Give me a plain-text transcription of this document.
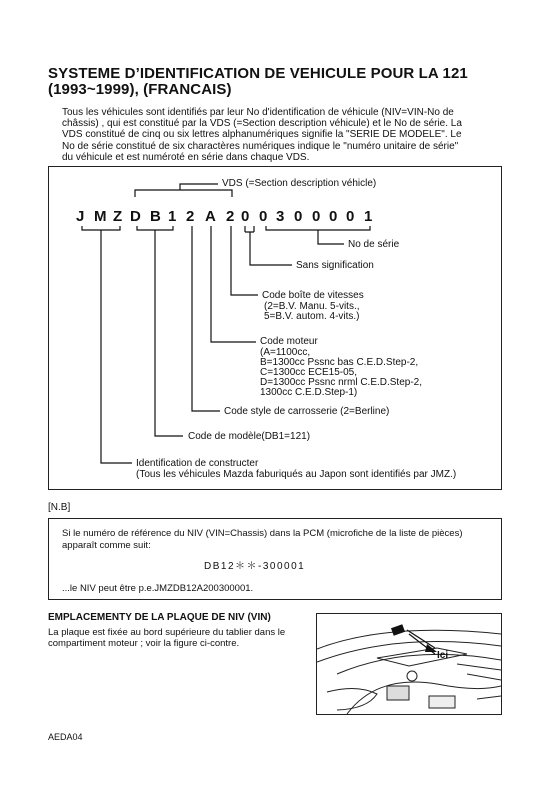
SYSTEME D’IDENTIFICATION DE VEHICULE POUR LA 121 (1993~1999), (FRANCAIS)

Tous les véhicules sont identifiés par leur No d'identification de véhicule (NIV=VIN-No de châssis) , qui est constitué par la VDS (=Section description véhicule) et le No de série. La VDS constitué de cinq ou six lettres alphanumériques signifie la "SERIE DE MODELE". Le No de série constitué de six charactères numériques indique le "numéro unitaire de série" du véhicule et est numéroté en série dans chaque VDS.

J M Z D B 1 2 A 2 0 0 3 0 0 0 0 1
VDS (=Section description véhicle)
No de série
Sans signification
Code boîte de vitesses
(2=B.V. Manu. 5-vits.,
5=B.V. autom. 4-vits.)
Code moteur
(A=1100cc,
B=1300cc Pssnc bas C.E.D.Step-2,
C=1300cc ECE15-05,
D=1300cc Pssnc nrml C.E.D.Step-2,
1300cc C.E.D.Step-1)
Code style de carrosserie (2=Berline)
Code de modèle(DB1=121)
Identification de constructer
(Tous les véhicules Mazda faburiqués au Japon sont identifiés par JMZ.)
[N.B]
Si le numéro de référence du NIV (VIN=Chassis) dans la PCM (microfiche de la liste de pièces) apparaît comme suit:
DB12＊＊-300001
...le NIV peut être p.e.JMZDB12A200300001.
EMPLACEMENTY DE LA PLAQUE DE NIV (VIN)

La plaque est fixée au bord supérieure du tablier dans le compartiment moteur ; voir la figure ci-contre.

Ici
AEDA04
